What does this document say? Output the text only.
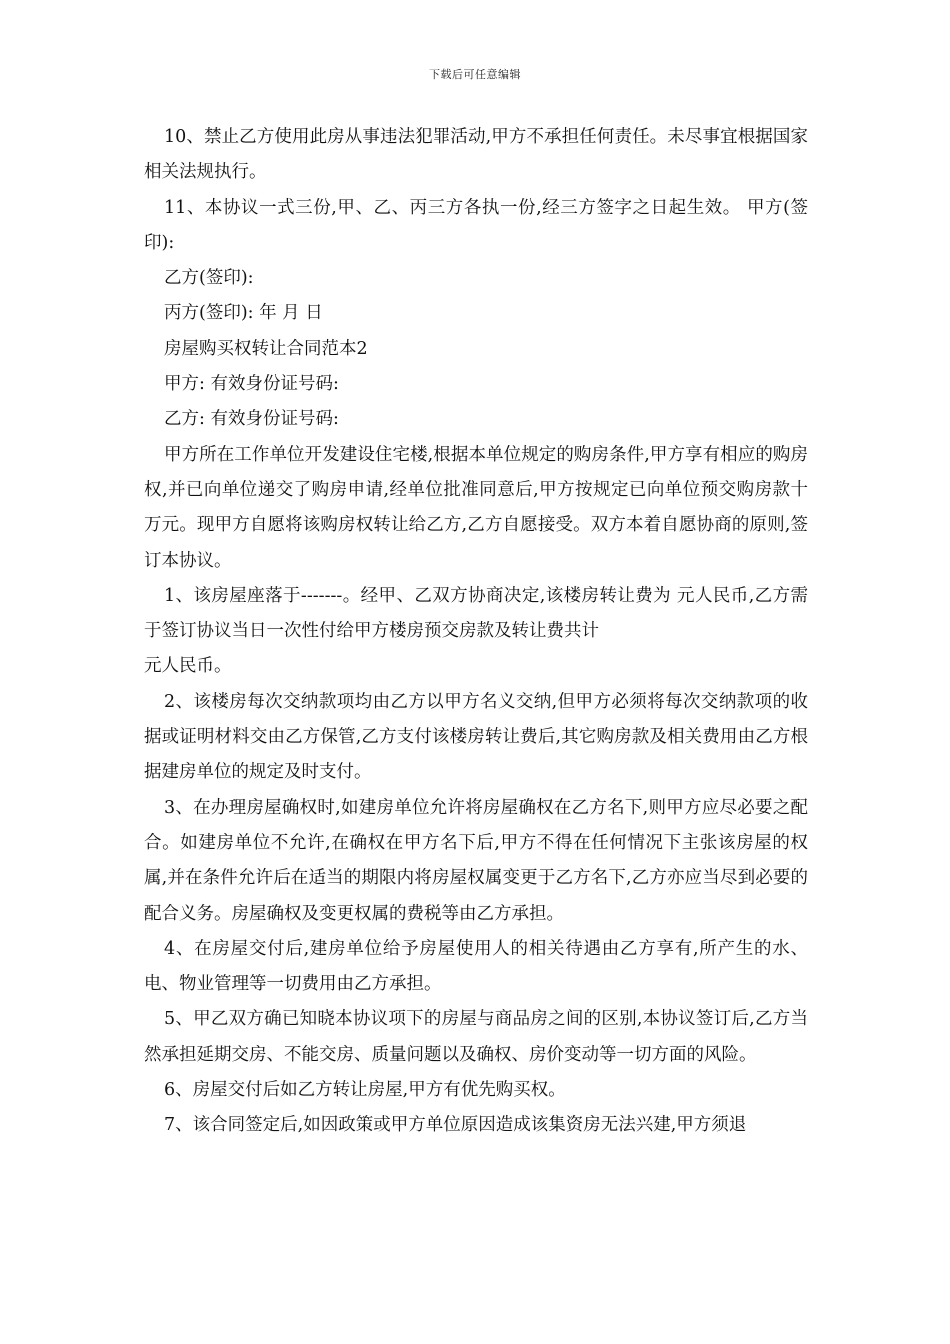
下载后可任意编辑

10、禁止乙方使用此房从事违法犯罪活动,甲方不承担任何责任。未尽事宜根据国家相关法规执行。

11、本协议一式三份,甲、乙、丙三方各执一份,经三方签字之日起生效。 甲方(签印):

乙方(签印):

丙方(签印): 年 月 日

房屋购买权转让合同范本2

甲方: 有效身份证号码:

乙方: 有效身份证号码:

甲方所在工作单位开发建设住宅楼,根据本单位规定的购房条件,甲方享有相应的购房权,并已向单位递交了购房申请,经单位批准同意后,甲方按规定已向单位预交购房款十万元。现甲方自愿将该购房权转让给乙方,乙方自愿接受。双方本着自愿协商的原则,签订本协议。

1、该房屋座落于-------。经甲、乙双方协商决定,该楼房转让费为 元人民币,乙方需于签订协议当日一次性付给甲方楼房预交房款及转让费共计

元人民币。

2、该楼房每次交纳款项均由乙方以甲方名义交纳,但甲方必须将每次交纳款项的收据或证明材料交由乙方保管,乙方支付该楼房转让费后,其它购房款及相关费用由乙方根据建房单位的规定及时支付。

3、在办理房屋确权时,如建房单位允许将房屋确权在乙方名下,则甲方应尽必要之配合。如建房单位不允许,在确权在甲方名下后,甲方不得在任何情况下主张该房屋的权属,并在条件允许后在适当的期限内将房屋权属变更于乙方名下,乙方亦应当尽到必要的配合义务。房屋确权及变更权属的费税等由乙方承担。

4、在房屋交付后,建房单位给予房屋使用人的相关待遇由乙方享有,所产生的水、电、物业管理等一切费用由乙方承担。

5、甲乙双方确已知晓本协议项下的房屋与商品房之间的区别,本协议签订后,乙方当然承担延期交房、不能交房、质量问题以及确权、房价变动等一切方面的风险。

6、房屋交付后如乙方转让房屋,甲方有优先购买权。

7、该合同签定后,如因政策或甲方单位原因造成该集资房无法兴建,甲方须退
